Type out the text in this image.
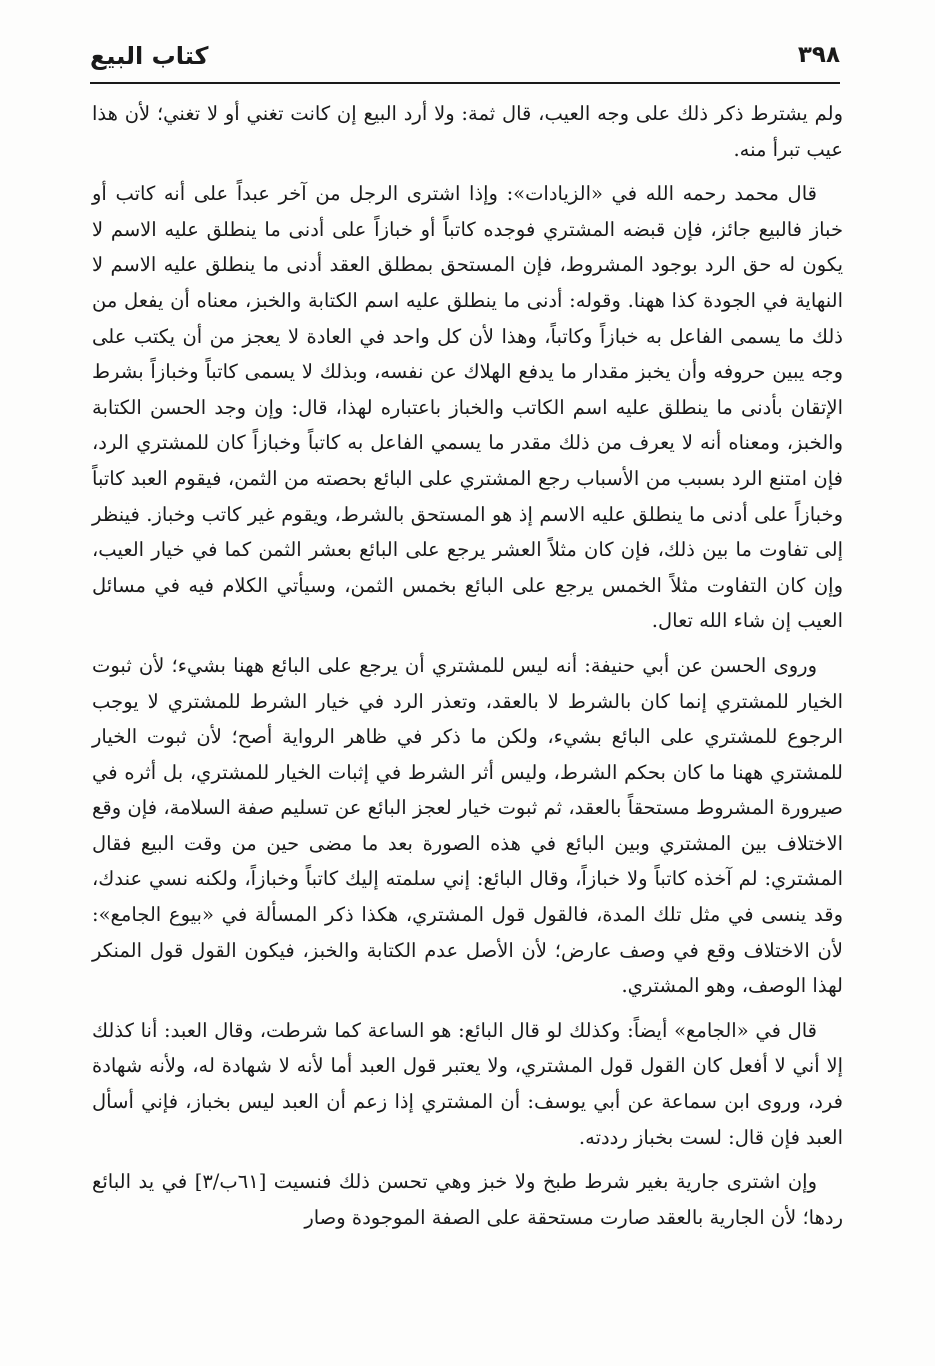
٣٩٨
كتاب البيع

ولم يشترط ذكر ذلك على وجه العيب، قال ثمة: ولا أرد البيع إن كانت تغني أو لا تغني؛ لأن هذا عيب تبرأ منه.

قال محمد رحمه الله في «الزيادات»: وإذا اشترى الرجل من آخر عبداً على أنه كاتب أو خباز فالبيع جائز، فإن قبضه المشتري فوجده كاتباً أو خبازاً على أدنى ما ينطلق عليه الاسم لا يكون له حق الرد بوجود المشروط، فإن المستحق بمطلق العقد أدنى ما ينطلق عليه الاسم لا النهاية في الجودة كذا ههنا. وقوله: أدنى ما ينطلق عليه اسم الكتابة والخبز، معناه أن يفعل من ذلك ما يسمى الفاعل به خبازاً وكاتباً، وهذا لأن كل واحد في العادة لا يعجز من أن يكتب على وجه يبين حروفه وأن يخبز مقدار ما يدفع الهلاك عن نفسه، وبذلك لا يسمى كاتباً وخبازاً بشرط الإتقان بأدنى ما ينطلق عليه اسم الكاتب والخباز باعتباره لهذا، قال: وإن وجد الحسن الكتابة والخبز، ومعناه أنه لا يعرف من ذلك مقدر ما يسمي الفاعل به كاتباً وخبازاً كان للمشتري الرد، فإن امتنع الرد بسبب من الأسباب رجع المشتري على البائع بحصته من الثمن، فيقوم العبد كاتباً وخبازاً على أدنى ما ينطلق عليه الاسم إذ هو المستحق بالشرط، ويقوم غير كاتب وخباز. فينظر إلى تفاوت ما بين ذلك، فإن كان مثلاً العشر يرجع على البائع بعشر الثمن كما في خيار العيب، وإن كان التفاوت مثلاً الخمس يرجع على البائع بخمس الثمن، وسيأتي الكلام فيه في مسائل العيب إن شاء الله تعال.

وروى الحسن عن أبي حنيفة: أنه ليس للمشتري أن يرجع على البائع ههنا بشيء؛ لأن ثبوت الخيار للمشتري إنما كان بالشرط لا بالعقد، وتعذر الرد في خيار الشرط للمشتري لا يوجب الرجوع للمشتري على البائع بشيء، ولكن ما ذكر في ظاهر الرواية أصح؛ لأن ثبوت الخيار للمشتري ههنا ما كان بحكم الشرط، وليس أثر الشرط في إثبات الخيار للمشتري، بل أثره في صيرورة المشروط مستحقاً بالعقد، ثم ثبوت خيار لعجز البائع عن تسليم صفة السلامة، فإن وقع الاختلاف بين المشتري وبين البائع في هذه الصورة بعد ما مضى حين من وقت البيع فقال المشتري: لم آخذه كاتباً ولا خبازاً، وقال البائع: إني سلمته إليك كاتباً وخبازاً، ولكنه نسي عندك، وقد ينسى في مثل تلك المدة، فالقول قول المشتري، هكذا ذكر المسألة في «بيوع الجامع»: لأن الاختلاف وقع في وصف عارض؛ لأن الأصل عدم الكتابة والخبز، فيكون القول قول المنكر لهذا الوصف، وهو المشتري.

قال في «الجامع» أيضاً: وكذلك لو قال البائع: هو الساعة كما شرطت، وقال العبد: أنا كذلك إلا أني لا أفعل كان القول قول المشتري، ولا يعتبر قول العبد أما لأنه لا شهادة له، ولأنه شهادة فرد، وروى ابن سماعة عن أبي يوسف: أن المشتري إذا زعم أن العبد ليس بخباز، فإني أسأل العبد فإن قال: لست بخباز رددته.

وإن اشترى جارية بغير شرط طبخ ولا خبز وهي تحسن ذلك فنسيت [٦١ب/٣] في يد البائع ردها؛ لأن الجارية بالعقد صارت مستحقة على الصفة الموجودة وصار
